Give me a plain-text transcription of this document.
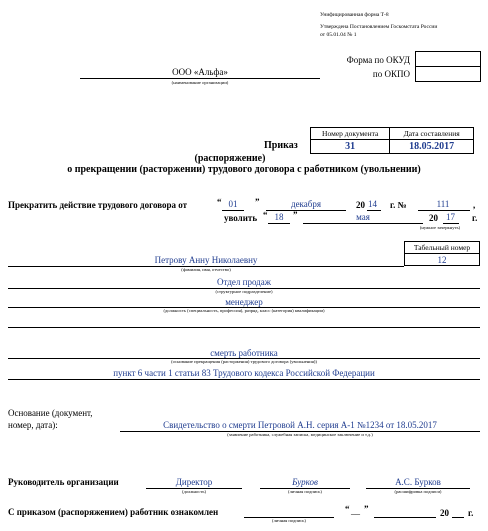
Унифицированная форма Т-8
Утверждена Постановлением Госкомстата России
от 05.01.04 № 1

Форма по ОКУД
по ОКПО
ООО «Альфа»
(наименование организации)
Номер документа	Дата составления
31	18.05.2017
Приказ
(распоряжение)
о прекращении (расторжении) трудового договора с работником (увольнении)
Прекратить действие трудового договора от	“ 01	”	декабря	20 14 г. №	111	,
уволить “ 18	”	мая	20 17 г.
(нужное зачеркнуть)
Табельный номер
12
Петрову Анну Николаевну
(фамилия, имя, отчество)
Отдел продаж
(структурное подразделение)
менеджер
(должность (специальность, профессия), разряд, класс (категория) квалификации)
смерть работника
(основание прекращения (расторжения) трудового договора (увольнения))
пункт 6 части 1 статьи 83 Трудового кодекса Российской Федерации
Основание (документ,
номер, дата):	Свидетельство о смерти Петровой А.Н. серия А-1 №1234 от 18.05.2017
(заявление работника, служебная записка, медицинское заключение и т.д.)
Руководитель организации	Директор
(должность)
Бурков
(личная подпись)
А.С. Бурков
(расшифровка подписи)
С приказом (распоряжением) работник ознакомлен
(личная подпись)
“ __ ”	20 г.
